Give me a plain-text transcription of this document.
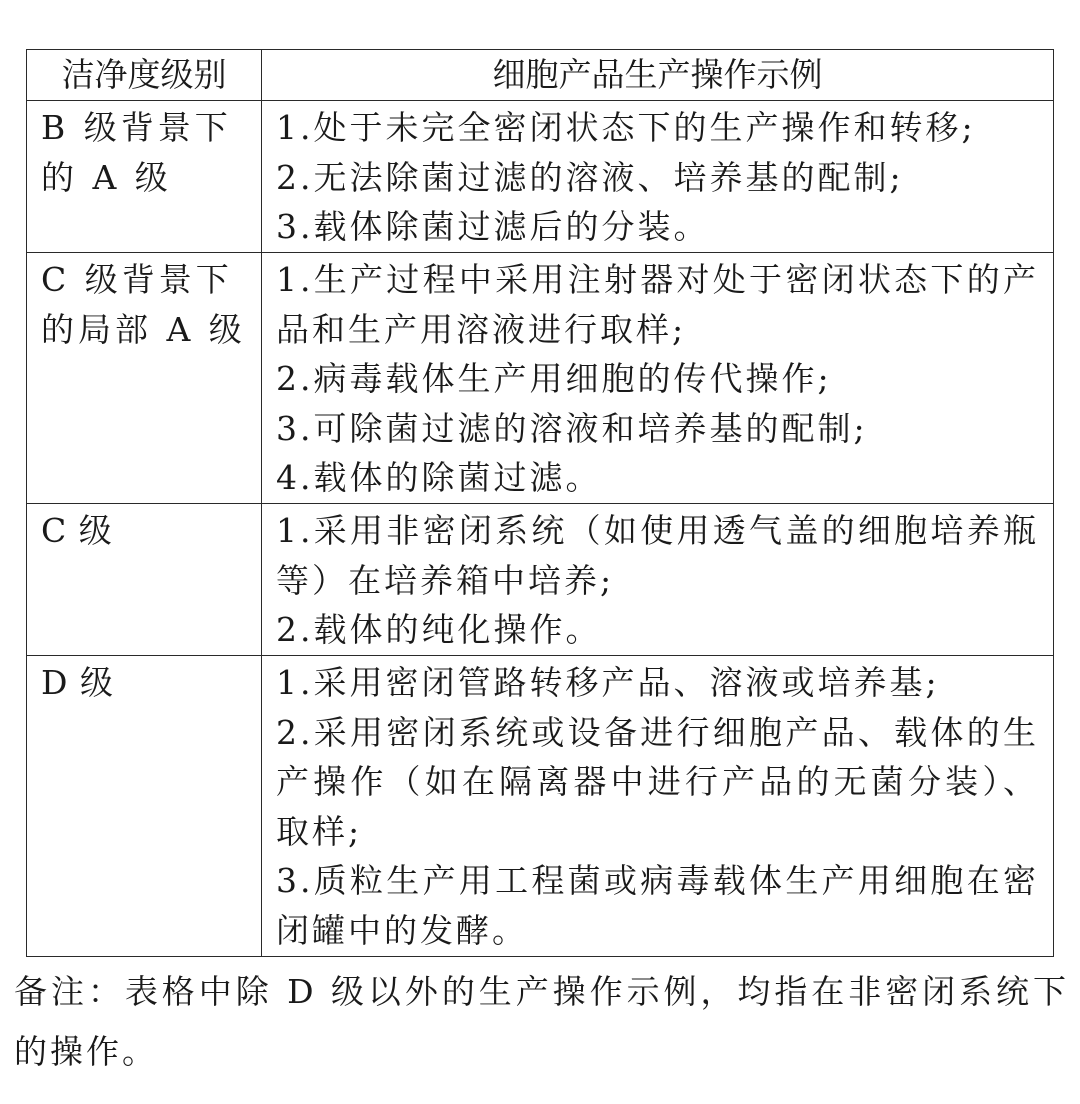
洁净度级别	细胞产品生产操作示例
B 级背景下的 A 级	1.处于未完全密闭状态下的生产操作和转移;
2.无法除菌过滤的溶液、培养基的配制;
3.载体除菌过滤后的分装。

C 级背景下的局部 A 级	1.生产过程中采用注射器对处于密闭状态下的产品和生产用溶液进行取样;
2.病毒载体生产用细胞的传代操作;
3.可除菌过滤的溶液和培养基的配制;
4.载体的除菌过滤。

C 级	1.采用非密闭系统（如使用透气盖的细胞培养瓶等）在培养箱中培养;
2.载体的纯化操作。

D 级	1.采用密闭管路转移产品、溶液或培养基;
2.采用密闭系统或设备进行细胞产品、载体的生产操作（如在隔离器中进行产品的无菌分装）、取样;
3.质粒生产用工程菌或病毒载体生产用细胞在密闭罐中的发酵。
备注：表格中除 D 级以外的生产操作示例，均指在非密闭系统下的操作。
